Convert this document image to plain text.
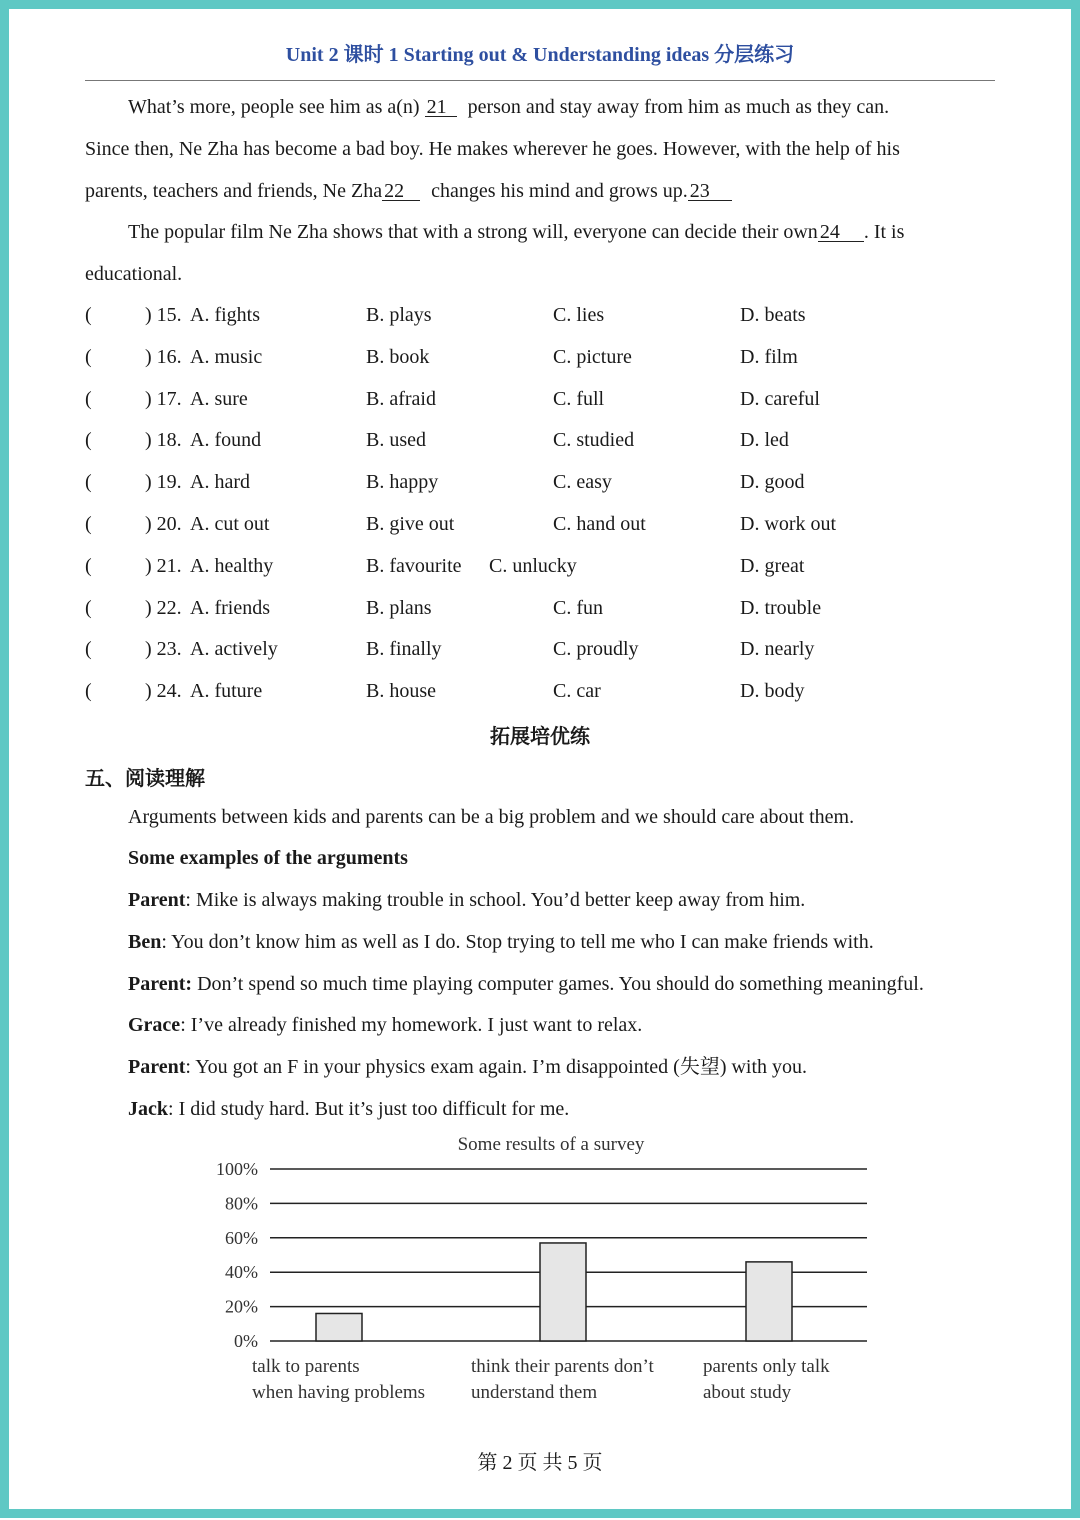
Unit 2 课时 1 Starting out & Understanding ideas 分层练习
What’s more, people see him as a(n) 21 person and stay away from him as much as they can.
Since then, Ne Zha has become a bad boy. He makes wherever he goes. However, with the help of his
parents, teachers and friends, Ne Zha 22 changes his mind and grows up. 23
The popular film Ne Zha shows that with a strong will, everyone can decide their own 24 . It is
educational.
(	) 15. A. fights	B. plays	C. lies	D. beats
(	) 16. A. music	B. book	C. picture	D. film
(	) 17. A. sure	B. afraid	C. full	D. careful
(	) 18. A. found	B. used	C. studied	D. led
(	) 19. A. hard	B. happy	C. easy	D. good
(	) 20. A. cut out	B. give out	C. hand out	D. work out
(	) 21. A. healthy	B. favourite C. unlucky	D. great
(	) 22. A. friends	B. plans	C. fun	D. trouble
(	) 23. A. actively	B. finally	C. proudly	D. nearly
(	) 24. A. future	B. house	C. car	D. body
拓展培优练
五、阅读理解
Arguments between kids and parents can be a big problem and we should care about them.
Some examples of the arguments
Parent: Mike is always making trouble in school. You’d better keep away from him.
Ben: You don’t know him as well as I do. Stop trying to tell me who I can make friends with.
Parent: Don’t spend so much time playing computer games. You should do something meaningful.
Grace: I’ve already finished my homework. I just want to relax.
Parent: You got an F in your physics exam again. I’m disappointed (失望) with you.
Jack: I did study hard. But it’s just too difficult for me.
Some results of a survey
0%
20%
40%
60%
80%
100%
talk to parents
when having problems
think their parents don’t
understand them
parents only talk
about study
第 2 页 共 5 页
